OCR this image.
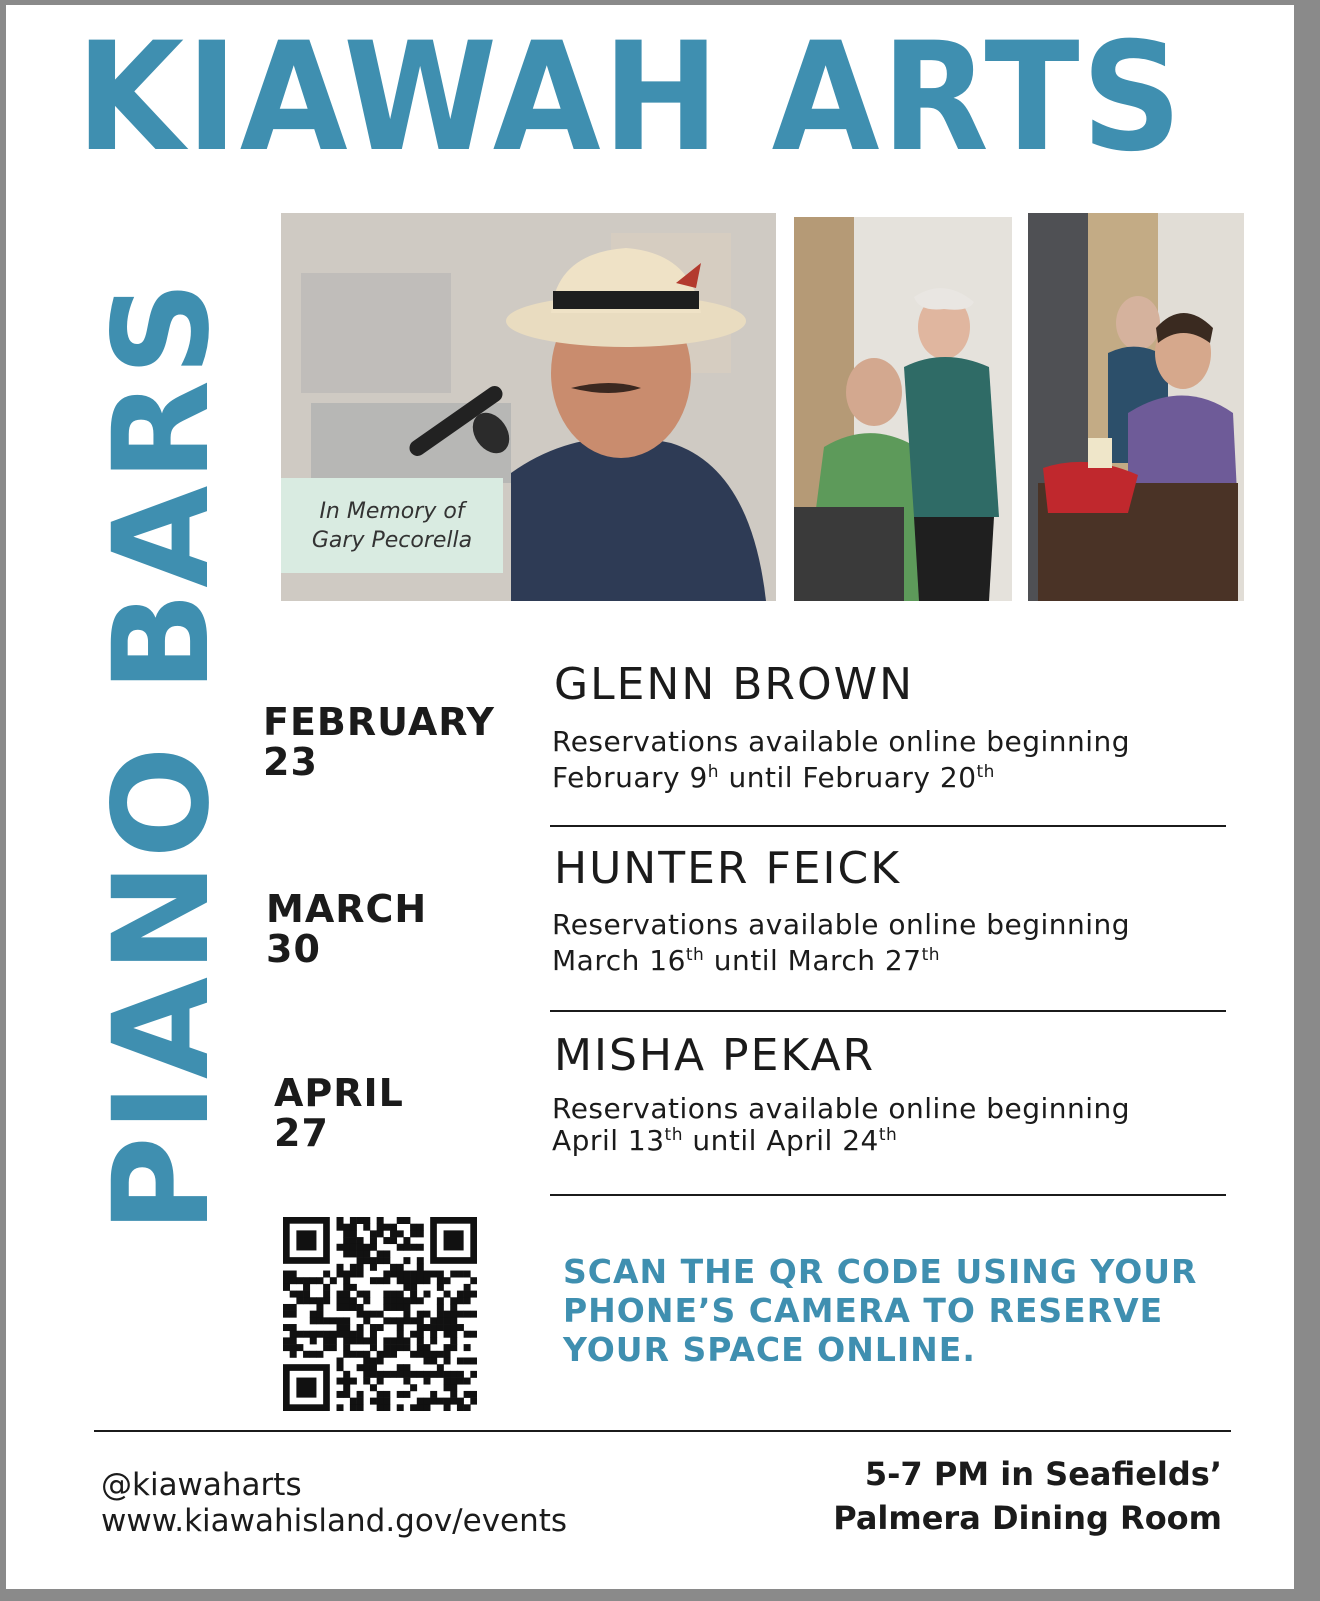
KIAWAH ARTS
PIANO BARS	In Memory of
Gary Pecorella
FEBRUARY
23
GLENN BROWN
Reservations available online beginning
February 9$^h$ until February 20th
MARCH
30
HUNTER FEICK
Reservations available online beginning
March 16th until March 27th
APRIL
27
MISHA PEKAR
Reservations available online beginning
April 13th until April 24th
SCAN THE QR CODE USING YOUR
PHONE’S CAMERA TO RESERVE
YOUR SPACE ONLINE.
@kiawaharts
www.kiawahisland.gov/events
5-7 PM in Seafields’
Palmera Dining Room
